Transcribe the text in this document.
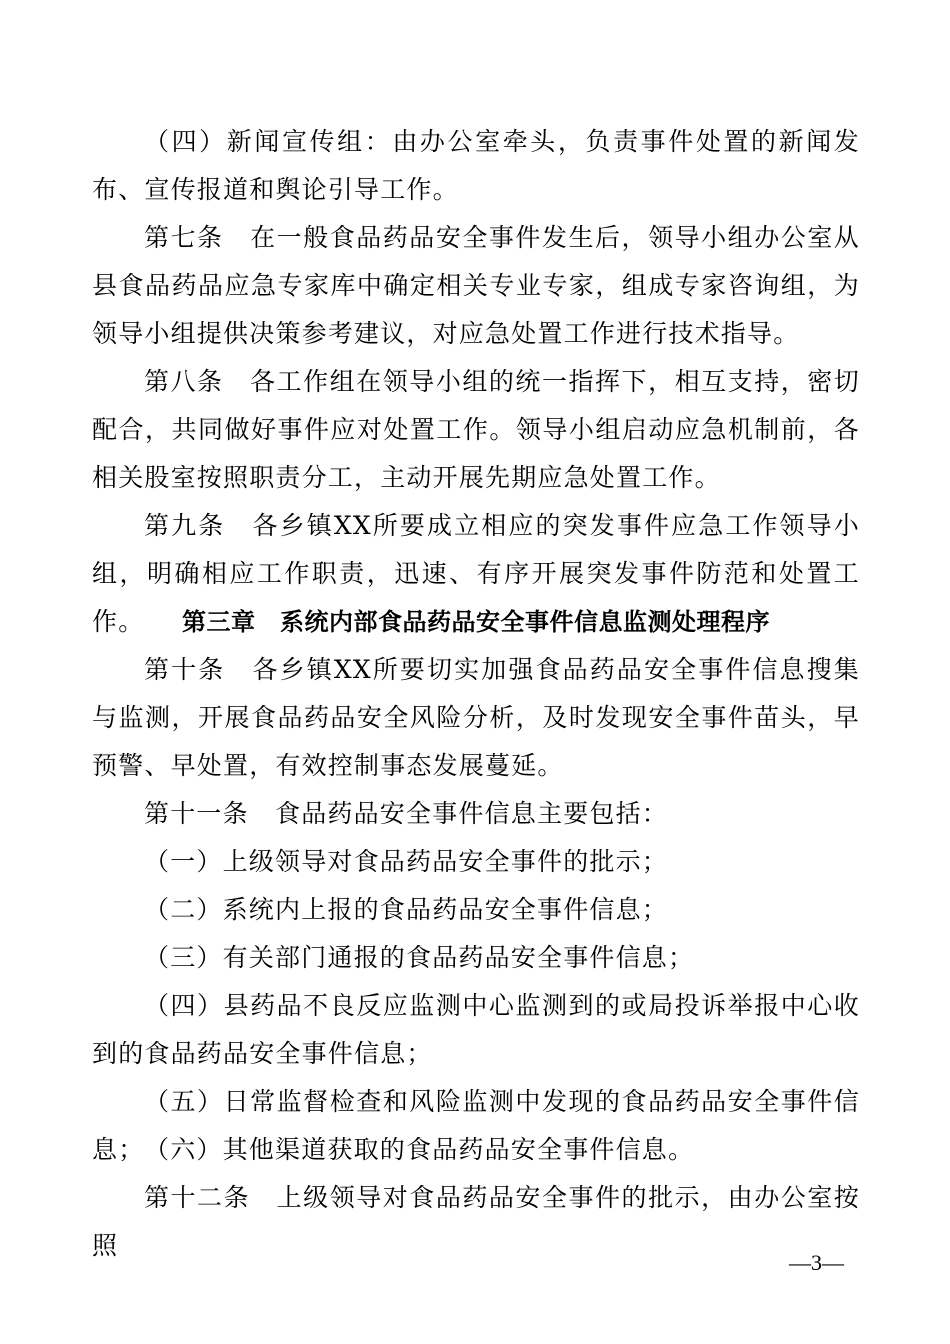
（四）新闻宣传组：由办公室牵头，负责事件处置的新闻发布、宣传报道和舆论引导工作。

第七条　在一般食品药品安全事件发生后，领导小组办公室从县食品药品应急专家库中确定相关专业专家，组成专家咨询组，为领导小组提供决策参考建议，对应急处置工作进行技术指导。

第八条　各工作组在领导小组的统一指挥下，相互支持，密切配合，共同做好事件应对处置工作。领导小组启动应急机制前，各相关股室按照职责分工，主动开展先期应急处置工作。

第九条　各乡镇XX所要成立相应的突发事件应急工作领导小组，明确相应工作职责，迅速、有序开展突发事件防范和处置工作。	第三章　系统内部食品药品安全事件信息监测处理程序

第十条　各乡镇XX所要切实加强食品药品安全事件信息搜集与监测，开展食品药品安全风险分析，及时发现安全事件苗头，早预警、早处置，有效控制事态发展蔓延。

第十一条　食品药品安全事件信息主要包括：

（一）上级领导对食品药品安全事件的批示；

（二）系统内上报的食品药品安全事件信息；

（三）有关部门通报的食品药品安全事件信息；

（四）县药品不良反应监测中心监测到的或局投诉举报中心收到的食品药品安全事件信息；

（五）日常监督检查和风险监测中发现的食品药品安全事件信息； （六）其他渠道获取的食品药品安全事件信息。

第十二条　上级领导对食品药品安全事件的批示，由办公室按照

—3—
